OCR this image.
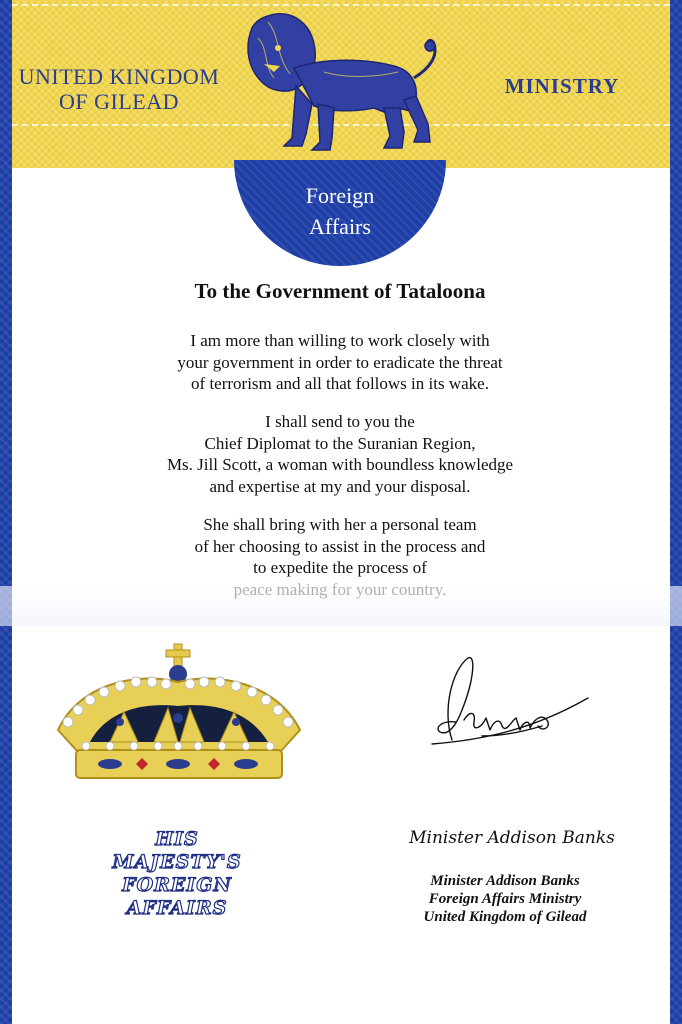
UNITED KINGDOM
OF GILEAD
MINISTRY
Foreign
Affairs
To the Government of Tataloona
I am more than willing to work closely with
your government in order to eradicate the threat
of terrorism and all that follows in its wake.
I shall send to you the
Chief Diplomat to the Suranian Region,
Ms. Jill Scott, a woman with boundless knowledge
and expertise at my and your disposal.
She shall bring with her a personal team
of her choosing to assist in the process and
to expedite the process of
peace making for your country.
HIS
MAJESTY'S
FOREIGN
AFFAIRS
Minister Addison Banks
Minister Addison Banks
Foreign Affairs Ministry
United Kingdom of Gilead
